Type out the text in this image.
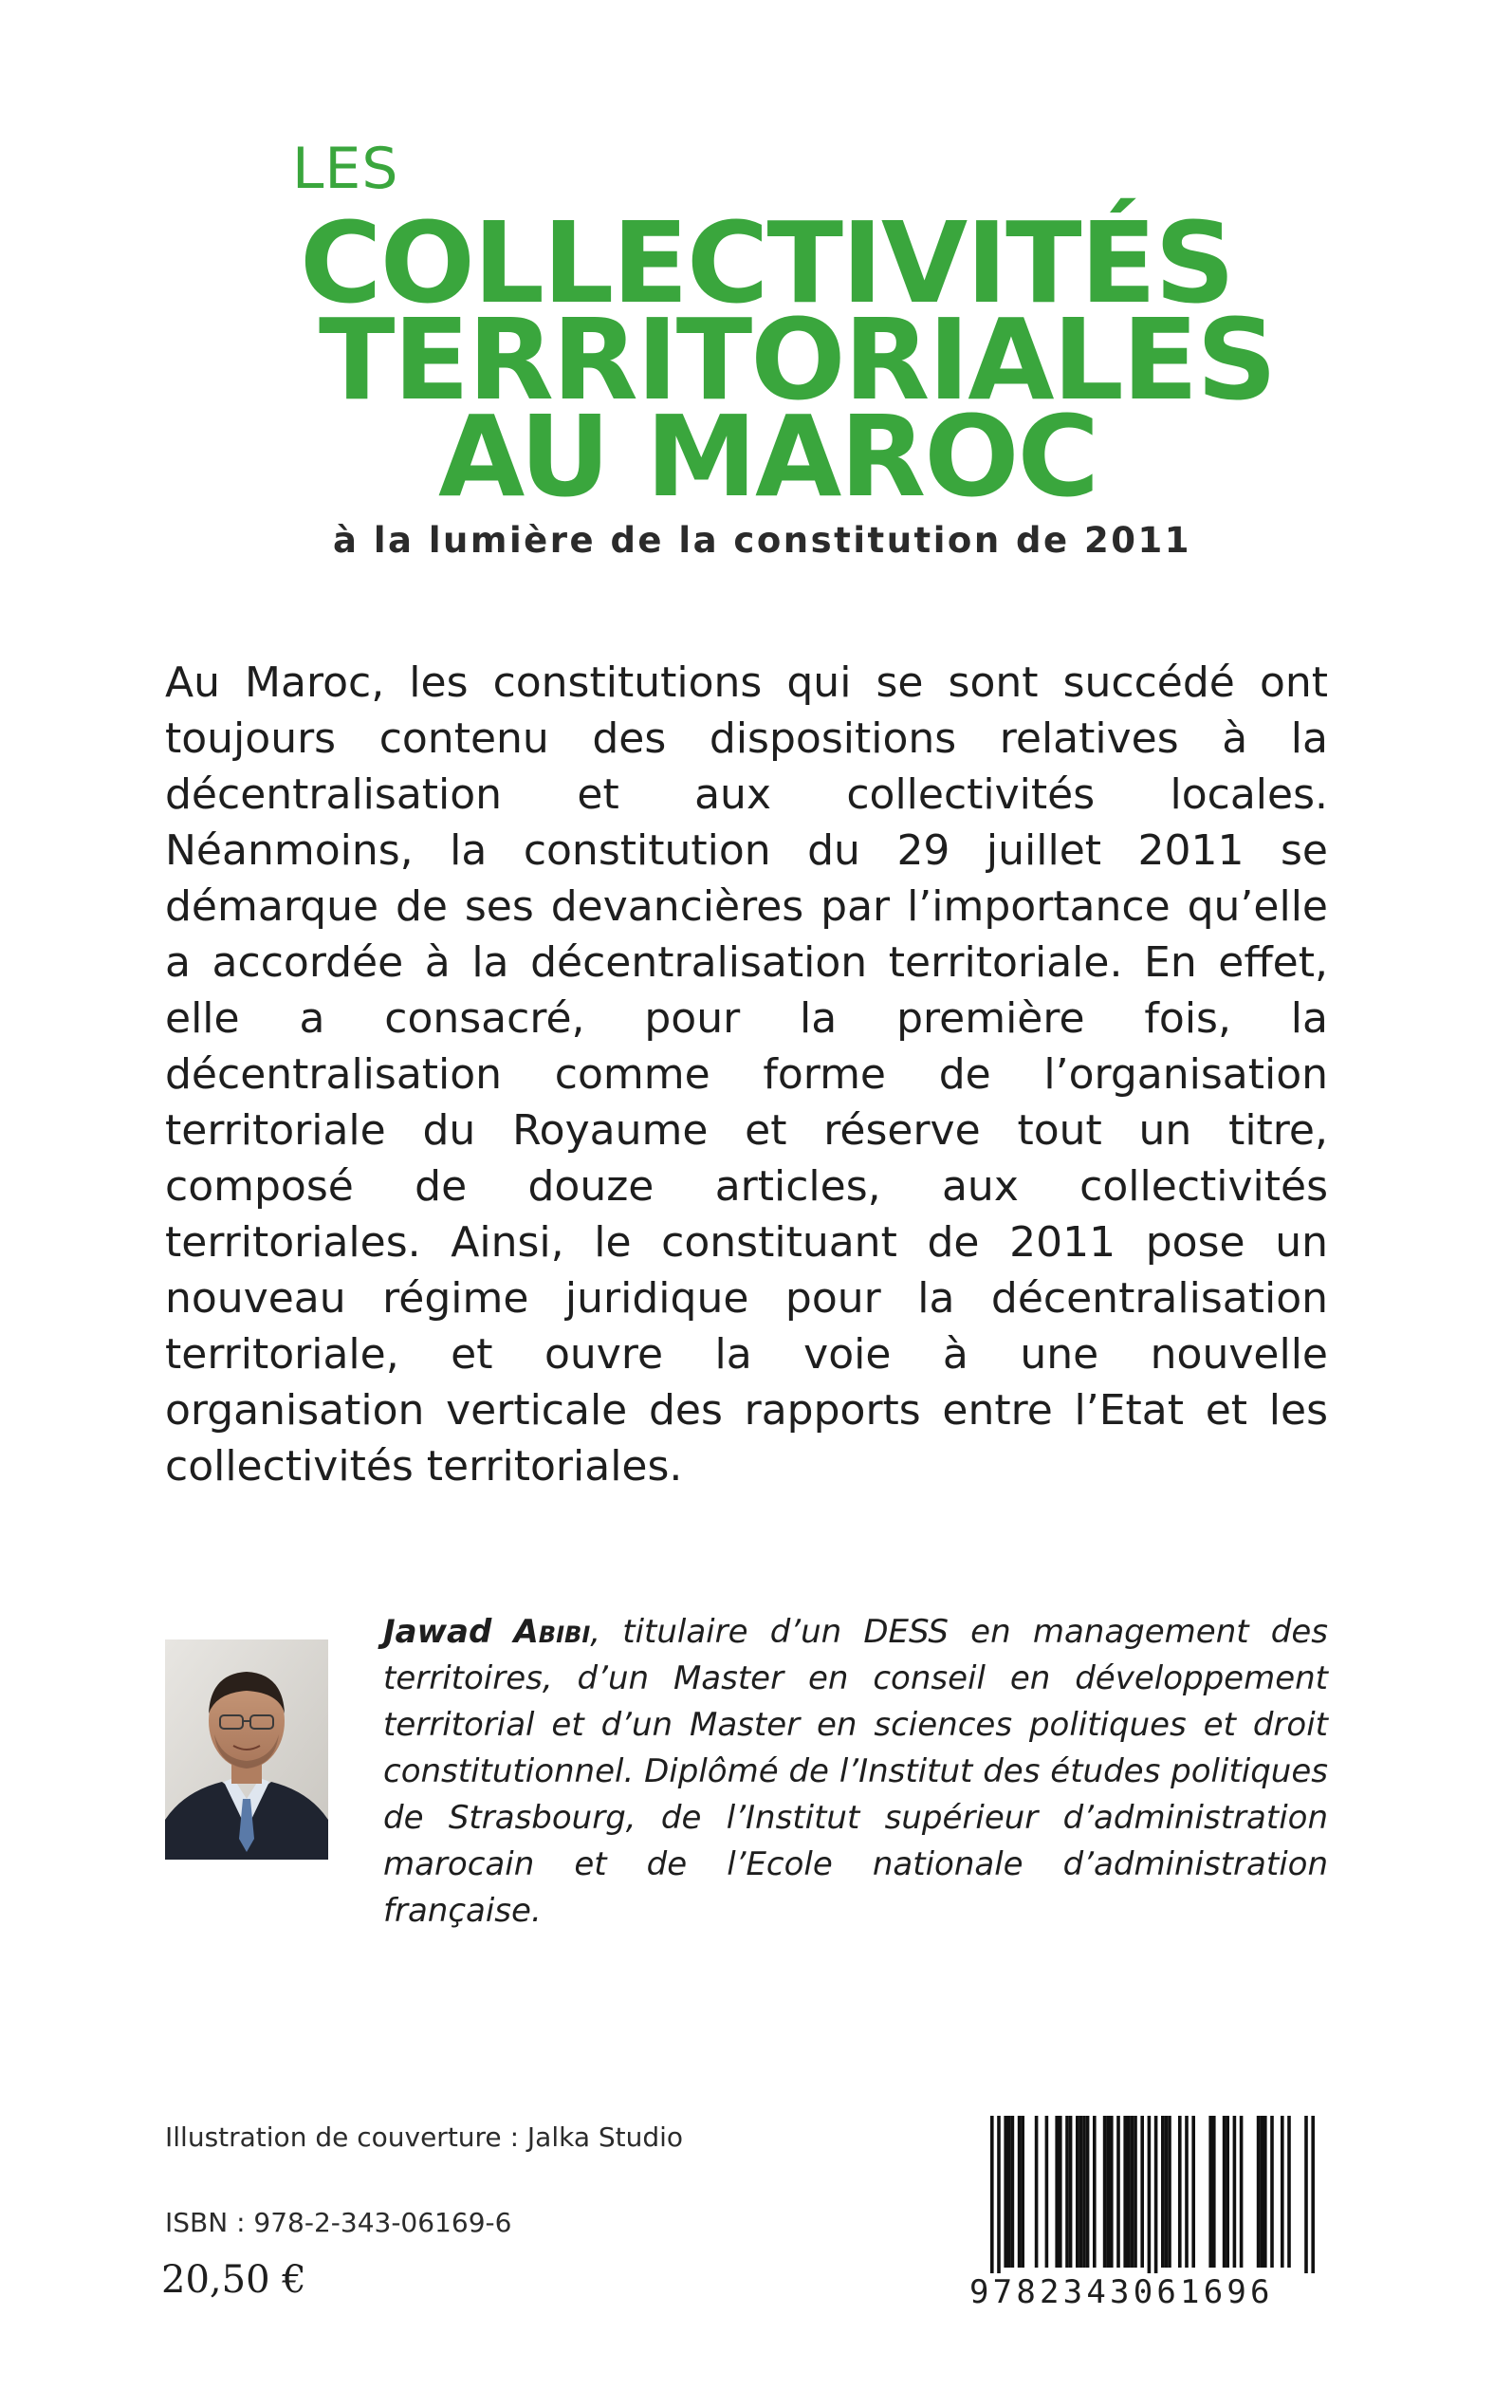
LES
COLLECTIVITÉS
TERRITORIALES
AU MAROC
à la lumière de la constitution de 2011

Au Maroc, les constitutions qui se sont succédé ont toujours contenu des dispositions relatives à la décentralisation et aux collectivités locales. Néanmoins, la constitution du 29 juillet 2011 se démarque de ses devancières par l’importance qu’elle a accordée à la décentralisation territoriale. En effet, elle a consacré, pour la première fois, la décentralisation comme forme de l’organisation territoriale du Royaume et réserve tout un titre, composé de douze articles, aux collectivités territoriales. Ainsi, le constituant de 2011 pose un nouveau régime juridique pour la décentralisation territoriale, et ouvre la voie à une nouvelle organisation verticale des rapports entre l’Etat et les collectivités territoriales.

Jawad Abibi, titulaire d’un DESS en management des territoires, d’un Master en conseil en développement territorial et d’un Master en sciences politiques et droit constitutionnel. Diplômé de l’Institut des études politiques de Strasbourg, de l’Institut supérieur d’administration marocain et de l’Ecole nationale d’administration française.

Illustration de couverture : Jalka Studio
ISBN : 978-2-343-06169-6
20,50 €	9782343061696
